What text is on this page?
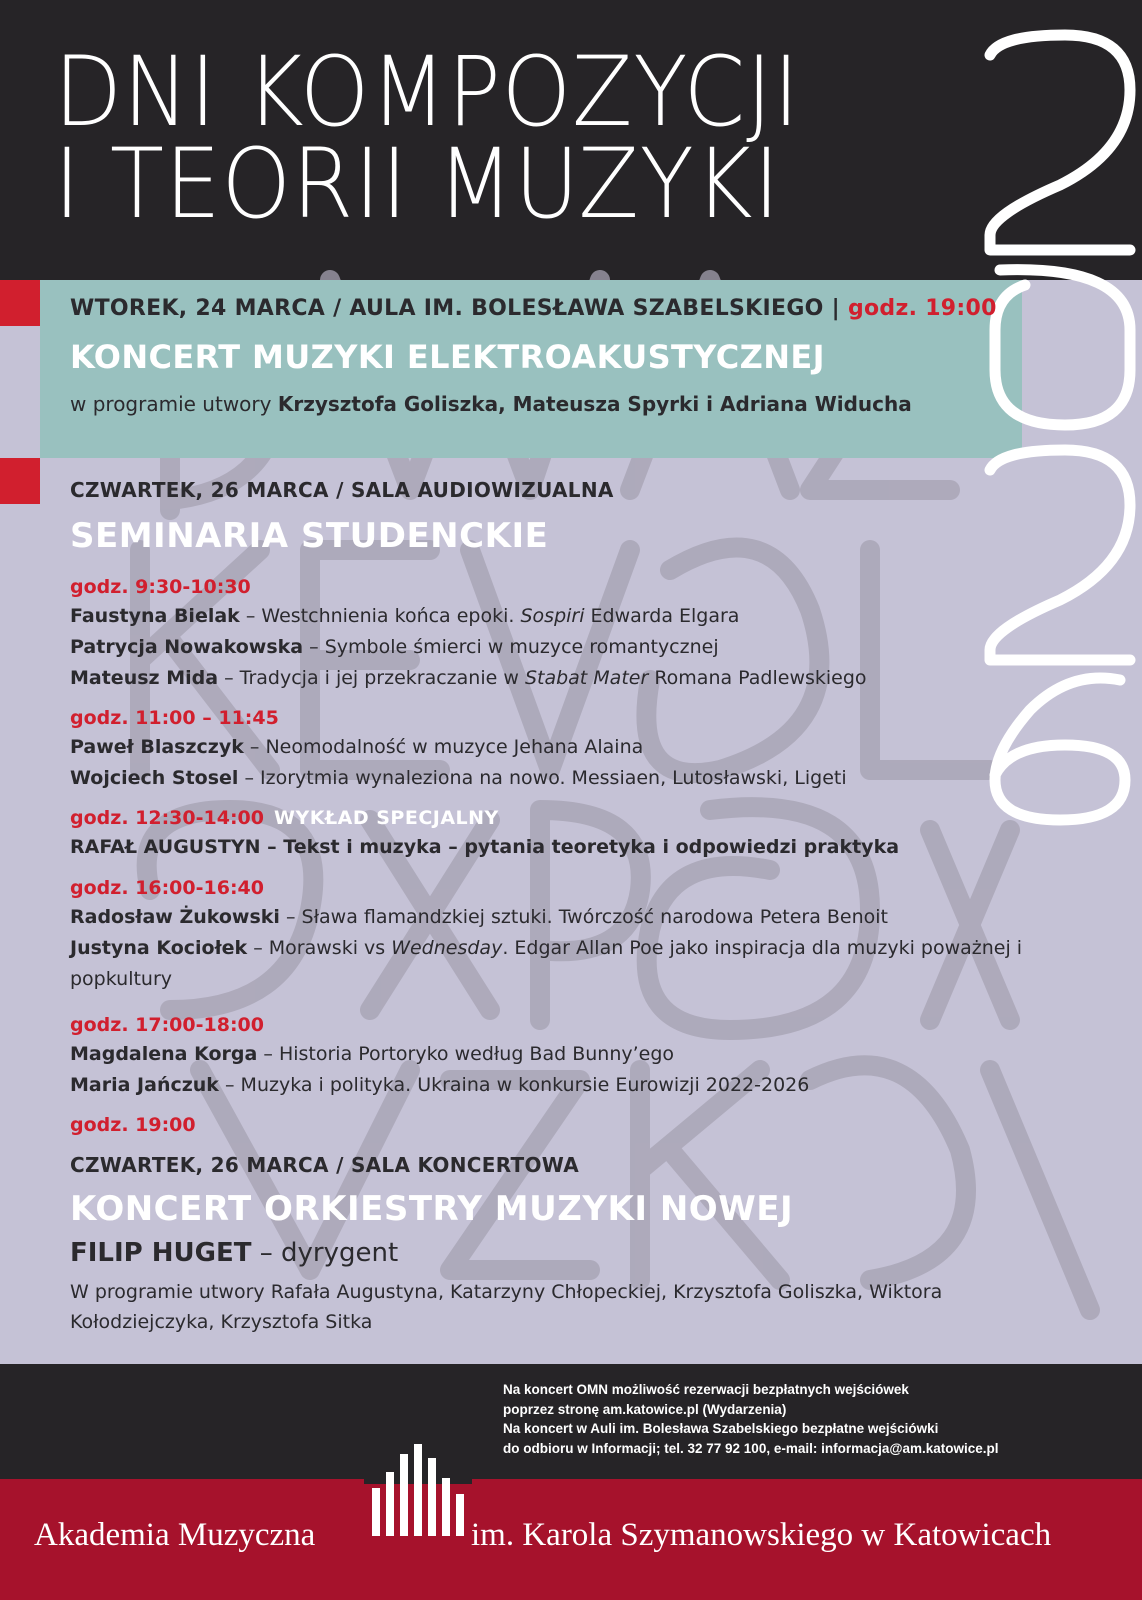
DNI KOMPOZYCJI
I TEORII MUZYKI
2026
WTOREK, 24 MARCA / AULA IM. BOLESŁAWA SZABELSKIEGO | godz. 19:00
KONCERT MUZYKI ELEKTROAKUSTYCZNEJ
w programie utwory Krzysztofa Goliszka, Mateusza Spyrki i Adriana Widucha
CZWARTEK, 26 MARCA / SALA AUDIOWIZUALNA
SEMINARIA STUDENCKIE
godz. 9:30-10:30
Faustyna Bielak – Westchnienia końca epoki. Sospiri Edwarda Elgara
Patrycja Nowakowska – Symbole śmierci w muzyce romantycznej
Mateusz Mida – Tradycja i jej przekraczanie w Stabat Mater Romana Padlewskiego
godz. 11:00 – 11:45
Paweł Blaszczyk – Neomodalność w muzyce Jehana Alaina
Wojciech Stosel – Izorytmia wynaleziona na nowo. Messiaen, Lutosławski, Ligeti
godz. 12:30-14:00 WYKŁAD SPECJALNY
RAFAŁ AUGUSTYN – Tekst i muzyka – pytania teoretyka i odpowiedzi praktyka
godz. 16:00-16:40
Radosław Żukowski – Sława flamandzkiej sztuki. Twórczość narodowa Petera Benoit
Justyna Kociołek – Morawski vs Wednesday. Edgar Allan Poe jako inspiracja dla muzyki poważnej i popkultury
godz. 17:00-18:00
Magdalena Korga – Historia Portoryko według Bad Bunny’ego
Maria Jańczuk – Muzyka i polityka. Ukraina w konkursie Eurowizji 2022-2026
godz. 19:00
CZWARTEK, 26 MARCA / SALA KONCERTOWA
KONCERT ORKIESTRY MUZYKI NOWEJ
FILIP HUGET – dyrygent
W programie utwory Rafała Augustyna, Katarzyny Chłopeckiej, Krzysztofa Goliszka, Wiktora Kołodziejczyka, Krzysztofa Sitka
Na koncert OMN możliwość rezerwacji bezpłatnych wejściówek
poprzez stronę am.katowice.pl (Wydarzenia)
Na koncert w Auli im. Bolesława Szabelskiego bezpłatne wejściówki
do odbioru w Informacji; tel. 32 77 92 100, e-mail: informacja@am.katowice.pl
Akademia Muzyczna	im. Karola Szymanowskiego w Katowicach
